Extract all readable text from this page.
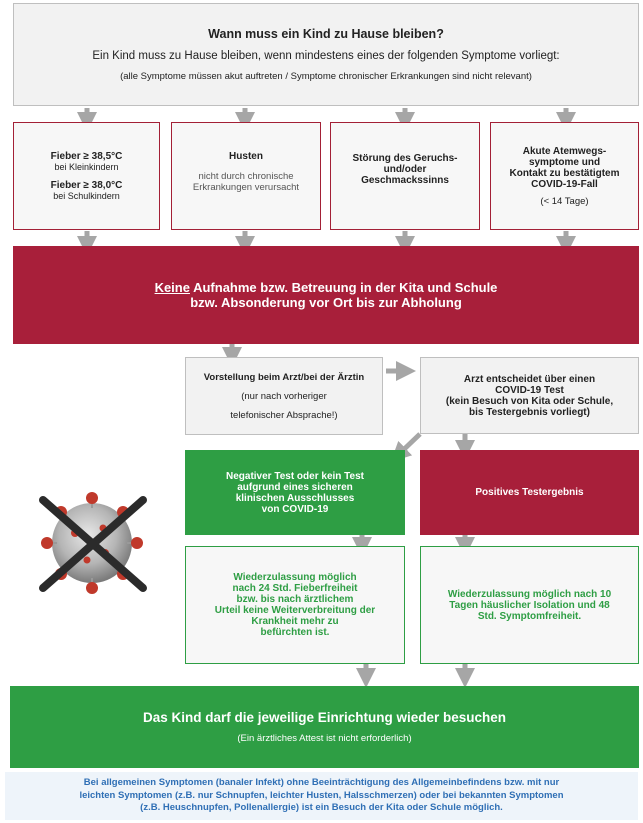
Wann muss ein Kind zu Hause bleiben?

Ein Kind muss zu Hause bleiben, wenn mindestens eines der folgenden Symptome vorliegt:

(alle Symptome müssen akut auftreten / Symptome chronischer Erkrankungen sind nicht relevant)

Fieber ≥ 38,5°C

bei Kleinkindern

Fieber ≥ 38,0°C

bei Schulkindern

Husten

nicht durch chronische

Erkrankungen verursacht

Störung des Geruchs-

und/oder

Geschmackssinns

Akute Atemwegs-

symptome und

Kontakt zu bestätigtem

COVID-19-Fall

(< 14 Tage)

Keine Aufnahme bzw. Betreuung in der Kita und Schule

bzw. Absonderung vor Ort bis zur Abholung

Vorstellung beim Arzt/bei der Ärztin

(nur nach vorheriger

telefonischer Absprache!)

Arzt entscheidet über einen

COVID-19 Test

(kein Besuch von Kita oder Schule,

bis Testergebnis vorliegt)

Negativer Test oder kein Test

aufgrund eines sicheren

klinischen Ausschlusses

von COVID-19

Positives Testergebnis

Wiederzulassung möglich

nach 24 Std. Fieberfreiheit

bzw. bis nach ärztlichem

Urteil keine Weiterverbreitung der

Krankheit mehr zu

befürchten ist.

Wiederzulassung möglich nach 10

Tagen häuslicher Isolation und 48

Std. Symptomfreiheit.

Das Kind darf die jeweilige Einrichtung wieder besuchen

(Ein ärztliches Attest ist nicht erforderlich)

Bei allgemeinen Symptomen (banaler Infekt) ohne Beeinträchtigung des Allgemeinbefindens bzw. mit nur

leichten Symptomen (z.B. nur Schnupfen, leichter Husten, Halsschmerzen) oder bei bekannten Symptomen

(z.B. Heuschnupfen, Pollenallergie) ist ein Besuch der Kita oder Schule möglich.
